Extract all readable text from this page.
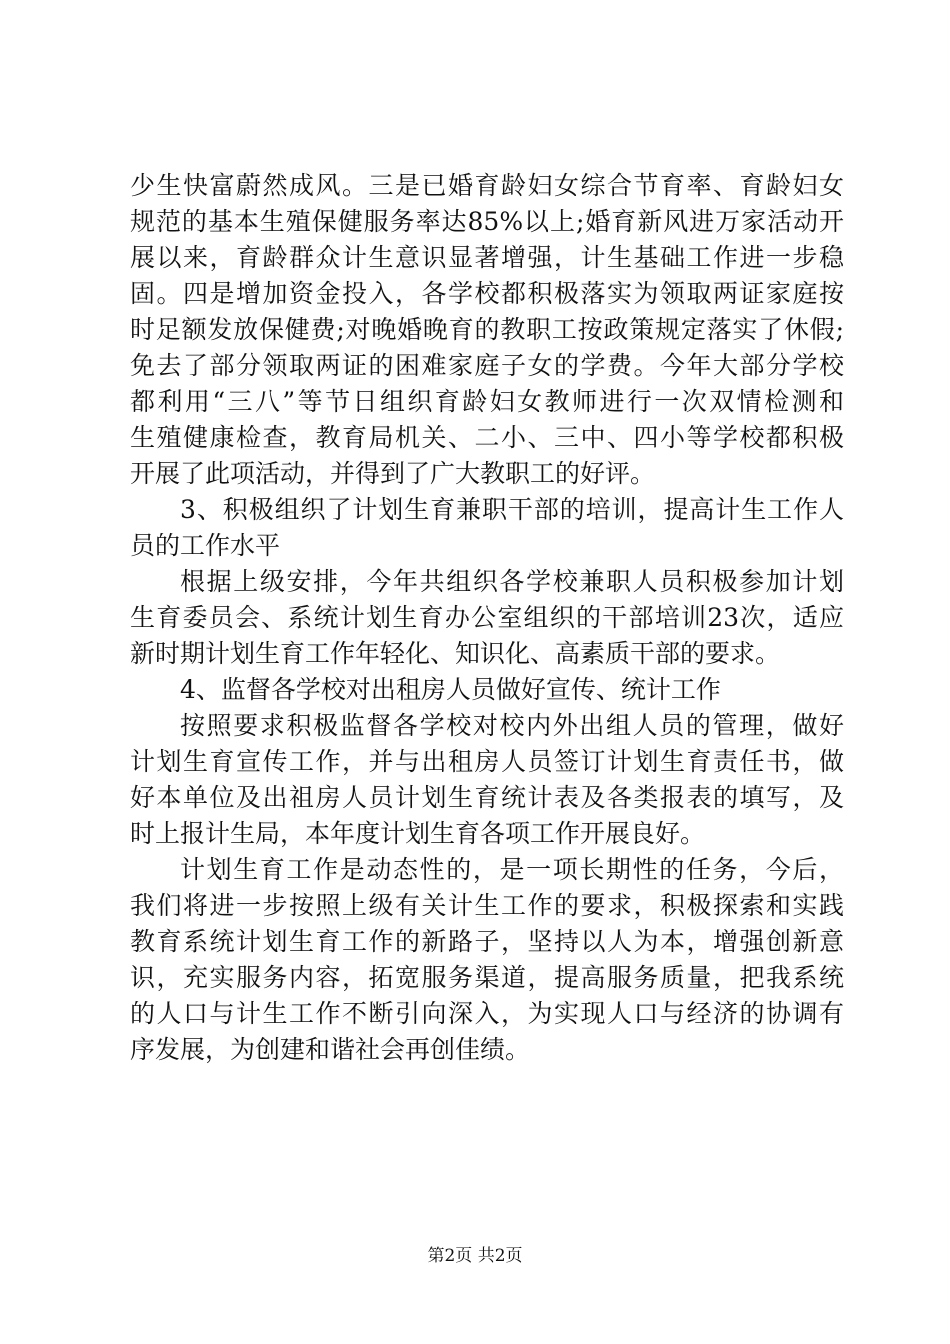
少生快富蔚然成风。三是已婚育龄妇女综合节育率、育龄妇女
规范的基本生殖保健服务率达85%以上;婚育新风进万家活动开
展以来，育龄群众计生意识显著增强，计生基础工作进一步稳
固。四是增加资金投入，各学校都积极落实为领取两证家庭按
时足额发放保健费;对晚婚晚育的教职工按政策规定落实了休假;
免去了部分领取两证的困难家庭子女的学费。今年大部分学校
都利用“三八”等节日组织育龄妇女教师进行一次双情检测和
生殖健康检查，教育局机关、二小、三中、四小等学校都积极
开展了此项活动，并得到了广大教职工的好评。
3、积极组织了计划生育兼职干部的培训，提高计生工作人
员的工作水平
根据上级安排，今年共组织各学校兼职人员积极参加计划
生育委员会、系统计划生育办公室组织的干部培训23次，适应
新时期计划生育工作年轻化、知识化、高素质干部的要求。
4、监督各学校对出租房人员做好宣传、统计工作
按照要求积极监督各学校对校内外出组人员的管理，做好
计划生育宣传工作，并与出租房人员签订计划生育责任书，做
好本单位及出祖房人员计划生育统计表及各类报表的填写，及
时上报计生局，本年度计划生育各项工作开展良好。
计划生育工作是动态性的，是一项长期性的任务，今后，
我们将进一步按照上级有关计生工作的要求，积极探索和实践
教育系统计划生育工作的新路子，坚持以人为本，增强创新意
识，充实服务内容，拓宽服务渠道，提高服务质量，把我系统
的人口与计生工作不断引向深入，为实现人口与经济的协调有
序发展，为创建和谐社会再创佳绩。
第2页 共2页
